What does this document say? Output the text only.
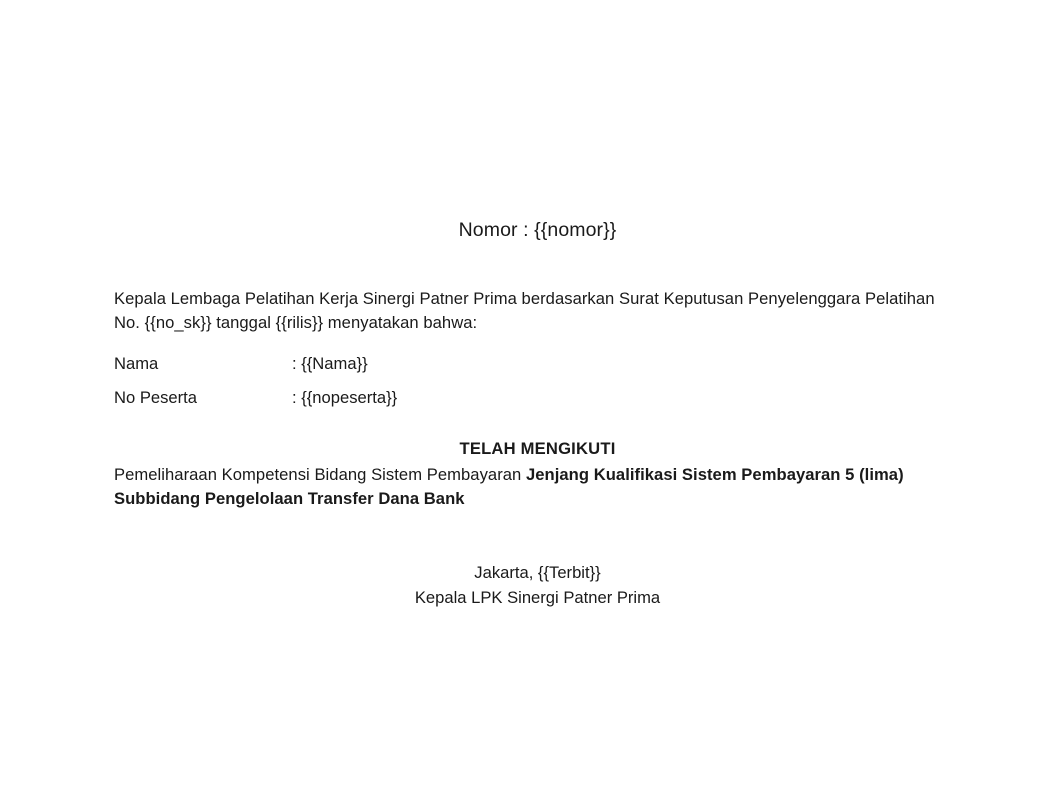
Nomor : {{nomor}}

Kepala Lembaga Pelatihan Kerja Sinergi Patner Prima berdasarkan Surat Keputusan Penyelenggara Pelatihan No. {{no_sk}} tanggal {{rilis}} menyatakan bahwa:

Nama	: {{Nama}}
No Peserta	: {{nopeserta}}
TELAH MENGIKUTI

Pemeliharaan Kompetensi Bidang Sistem Pembayaran Jenjang Kualifikasi Sistem Pembayaran 5 (lima) Subbidang Pengelolaan Transfer Dana Bank

Jakarta, {{Terbit}}
Kepala LPK Sinergi Patner Prima
